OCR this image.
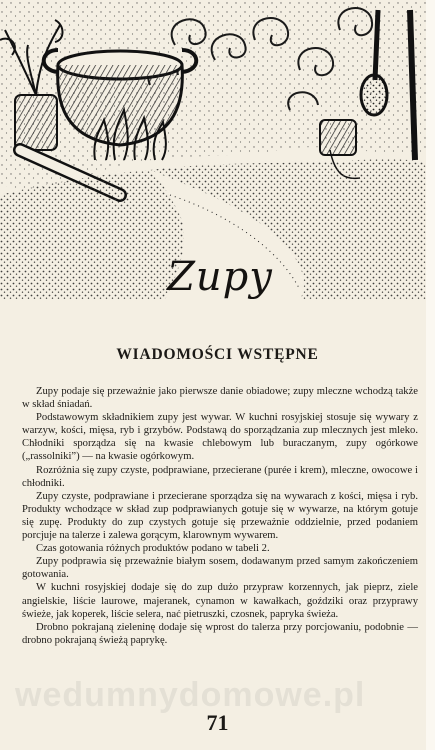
Zupy
WIADOMOŚCI WSTĘPNE

Zupy podaje się przeważnie jako pierwsze danie obiadowe; zupy mleczne wchodzą także w skład śniadań.

Podstawowym składnikiem zupy jest wywar. W kuchni rosyjskiej stosuje się wywary z warzyw, kości, mięsa, ryb i grzybów. Podstawą do sporządzania zup mlecznych jest mleko. Chłodniki sporządza się na kwasie chlebowym lub buraczanym, zupy ogórkowe („rassolniki”) — na kwasie ogórkowym.

Rozróżnia się zupy czyste, podprawiane, przecierane (purée i krem), mleczne, owocowe i chłodniki.

Zupy czyste, podprawiane i przecierane sporządza się na wywarach z kości, mięsa i ryb. Produkty wchodzące w skład zup podprawianych gotuje się w wywarze, na którym gotuje się zupę. Produkty do zup czystych gotuje się przeważnie oddzielnie, przed podaniem porcjuje na talerze i zalewa gorącym, klarownym wywarem.

Czas gotowania różnych produktów podano w tabeli 2.

Zupy podprawia się przeważnie białym sosem, dodawanym przed samym zakończeniem gotowania.

W kuchni rosyjskiej dodaje się do zup dużo przypraw korzennych, jak pieprz, ziele angielskie, liście laurowe, majeranek, cynamon w kawałkach, goździki oraz przyprawy świeże, jak koperek, liście selera, nać pietruszki, czosnek, papryka świeża.

Drobno pokrajaną zieleninę dodaje się wprost do talerza przy porcjowaniu, podobnie — drobno pokrajaną świeżą paprykę.

wedumnydomowe.pl
71
